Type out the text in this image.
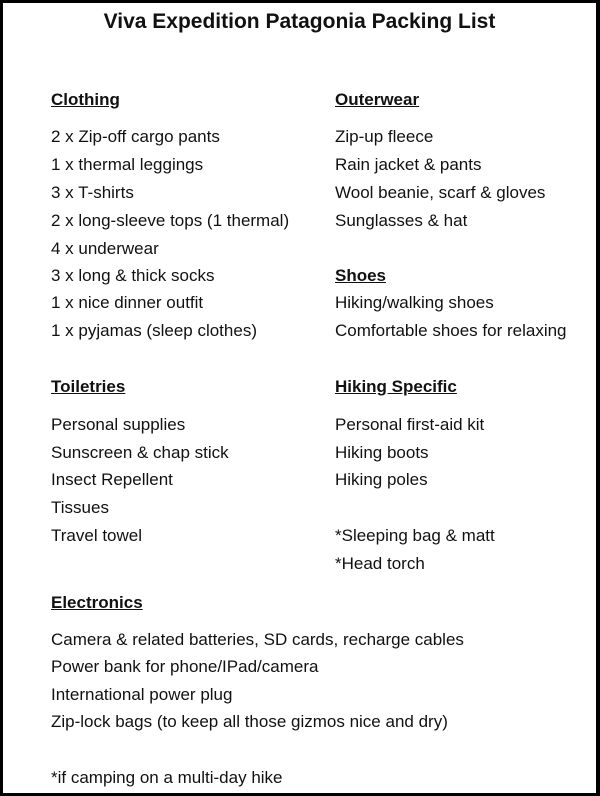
Viva Expedition Patagonia Packing List
Clothing
2 x Zip-off cargo pants
1 x thermal leggings
3 x T-shirts
2 x long-sleeve tops (1 thermal)
4 x underwear
3 x long & thick socks
1 x nice dinner outfit
1 x pyjamas (sleep clothes)
Outerwear
Zip-up fleece
Rain jacket & pants
Wool beanie, scarf & gloves
Sunglasses & hat
Shoes
Hiking/walking shoes
Comfortable shoes for relaxing
Toiletries
Personal supplies
Sunscreen & chap stick
Insect Repellent
Tissues
Travel towel
Hiking Specific
Personal first-aid kit
Hiking boots
Hiking poles
*Sleeping bag & matt
*Head torch
Electronics
Camera & related batteries, SD cards, recharge cables
Power bank for phone/IPad/camera
International power plug
Zip-lock bags (to keep all those gizmos nice and dry)
*if camping on a multi-day hike
